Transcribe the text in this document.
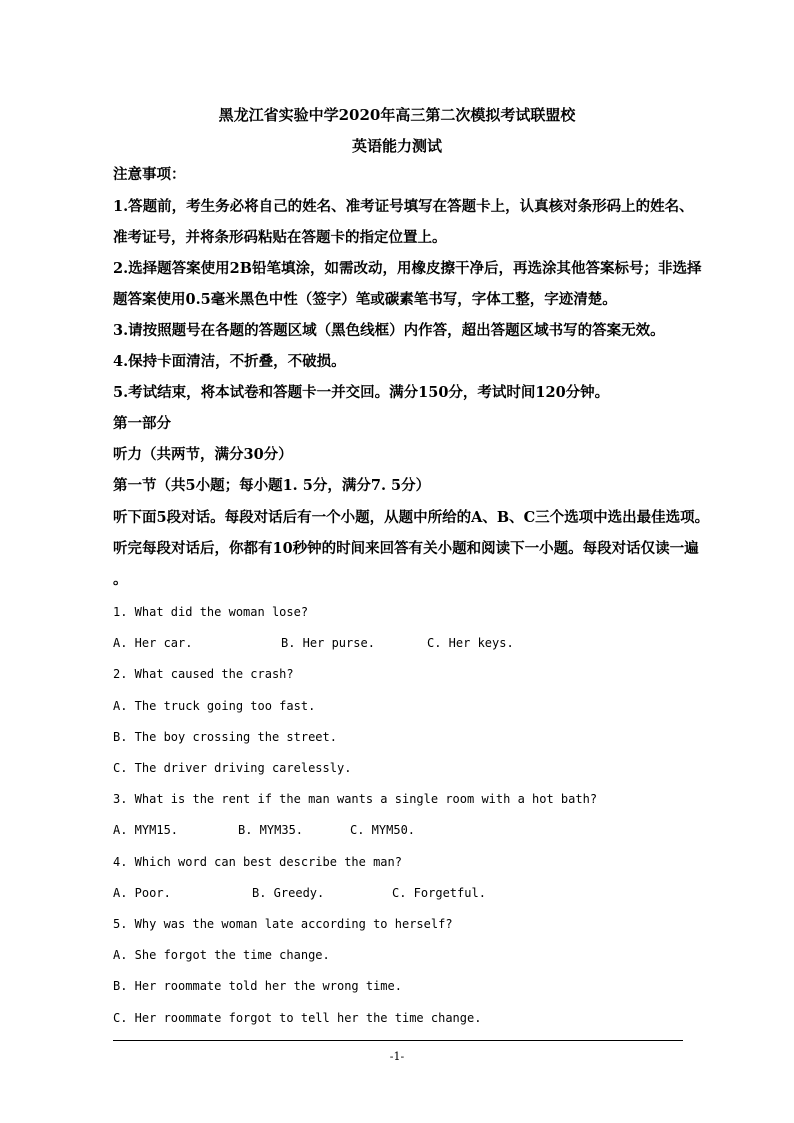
黑龙江省实验中学2020年高三第二次模拟考试联盟校
英语能力测试
注意事项：
1.答题前，考生务必将自己的姓名、准考证号填写在答题卡上，认真核对条形码上的姓名、
准考证号，并将条形码粘贴在答题卡的指定位置上。
2.选择题答案使用2B铅笔填涂，如需改动，用橡皮擦干净后，再选涂其他答案标号；非选择
题答案使用0.5毫米黑色中性（签字）笔或碳素笔书写，字体工整，字迹清楚。
3.请按照题号在各题的答题区域（黑色线框）内作答，超出答题区域书写的答案无效。
4.保持卡面清洁，不折叠，不破损。
5.考试结束，将本试卷和答题卡一并交回。满分150分，考试时间120分钟。
第一部分
听力（共两节，满分30分）
第一节（共5小题；每小题1. 5分，满分7. 5分）
听下面5段对话。每段对话后有一个小题，从题中所给的A、B、C三个选项中选出最佳选项。
听完每段对话后，你都有10秒钟的时间来回答有关小题和阅读下一小题。每段对话仅读一遍
。
1. What did the woman lose?
A. Her car.	B. Her purse.	C. Her keys.
2. What caused the crash?
A. The truck going too fast.
B. The boy crossing the street.
C. The driver driving carelessly.
3. What is the rent if the man wants a single room with a hot bath?
A. MYM15.	B. MYM35.	C. MYM50.
4. Which word can best describe the man?
A. Poor.	B. Greedy.	C. Forgetful.
5. Why was the woman late according to herself?
A. She forgot the time change.
B. Her roommate told her the wrong time.
C. Her roommate forgot to tell her the time change.
-1-
